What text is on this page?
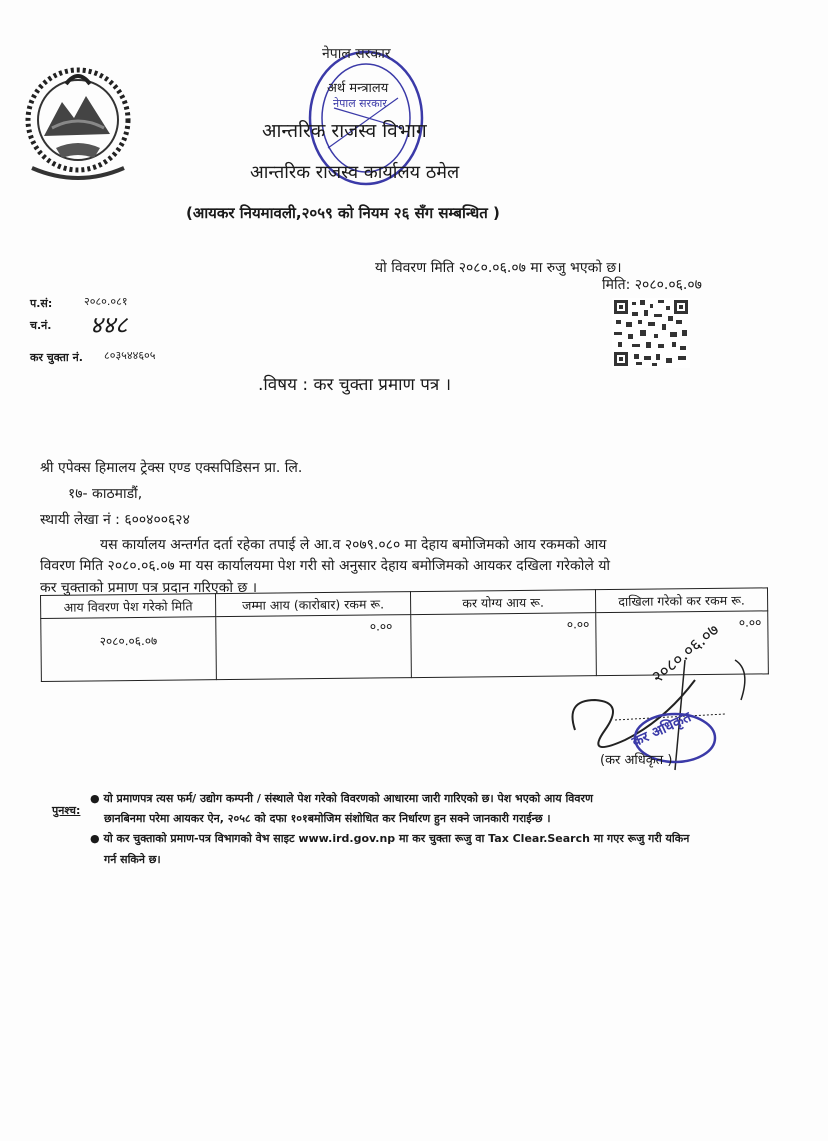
नेपाल सरकार
अर्थ मन्त्रालय
नेपाल सरकार
आन्तरिक राजस्व विभाग
आन्तरिक राजस्व कार्यालय ठमेल
(आयकर नियमावली,२०५९ को नियम २६ सँग सम्बन्धित )
यो विवरण मिति २०८०.०६.०७ मा रुजु भएको छ।
मिति: २०८०.०६.०७
प.सं:	२०८०.०८१
च.नं. ४४८
कर चुक्ता नं. ८०३५४४६०५
.विषय : कर चुक्ता प्रमाण पत्र ।
श्री एपेक्स हिमालय ट्रेक्स एण्ड एक्सपिडिसन प्रा. लि.
१७- काठमाडौं,
स्थायी लेखा नं : ६००४००६२४
यस कार्यालय अन्तर्गत दर्ता रहेका तपाई ले आ.व २०७९.०८० मा देहाय बमोजिमको आय रकमको आय
विवरण मिति २०८०.०६.०७ मा यस कार्यालयमा पेश गरी सो अनुसार देहाय बमोजिमको आयकर दखिला गरेकोले यो
कर चुक्ताको प्रमाण पत्र प्रदान गरिएको छ ।
आय विवरण पेश गरेको मिति	जम्मा आय (कारोबार) रकम रू.	कर योग्य आय रू.	दाखिला गरेको कर रकम रू.
२०८०.०६.०७	०.००	०.००	०.००
२०८०.०६.०७
कर अधिकृत
(कर अधिकृत )
पुनश्च:
● यो प्रमाणपत्र त्यस फर्म/ उद्योग कम्पनी / संस्थाले पेश गरेको विवरणको आधारमा जारी गारिएको छ। पेश भएको आय विवरण
छानबिनमा परेमा आयकर ऐन, २०५८ को दफा १०१बमोजिम संशोधित कर निर्धारण हुन सक्ने जानकारी गराईन्छ ।
● यो कर चुक्ताको प्रमाण-पत्र विभागको वेभ साइट www.ird.gov.np मा कर चुक्ता रूजु वा Tax Clear.Search मा गएर रूजु गरी यकिन
गर्न सकिने छ।
